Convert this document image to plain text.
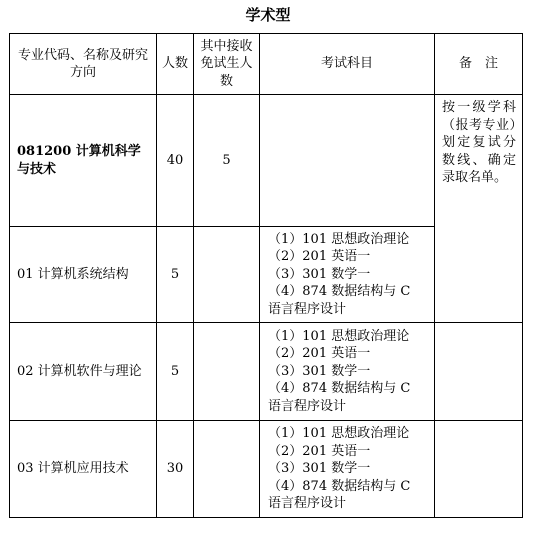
学术型
专业代码、名称及研究方向	人数	其中接收免试生人数	考试科目	备　注

081200 计算机科学与技术	40	5		按一级学科（报考专业）划定复试分数线、确定录取名单。
01 计算机系统结构	5		（1）101 思想政治理论
（2）201 英语一
（3）301 数学一
（4）874 数据结构与 C
语言程序设计	

02 计算机软件与理论	5		（1）101 思想政治理论
（2）201 英语一
（3）301 数学一
（4）874 数据结构与 C
语言程序设计	

03 计算机应用技术	30		（1）101 思想政治理论
（2）201 英语一
（3）301 数学一
（4）874 数据结构与 C
语言程序设计	
